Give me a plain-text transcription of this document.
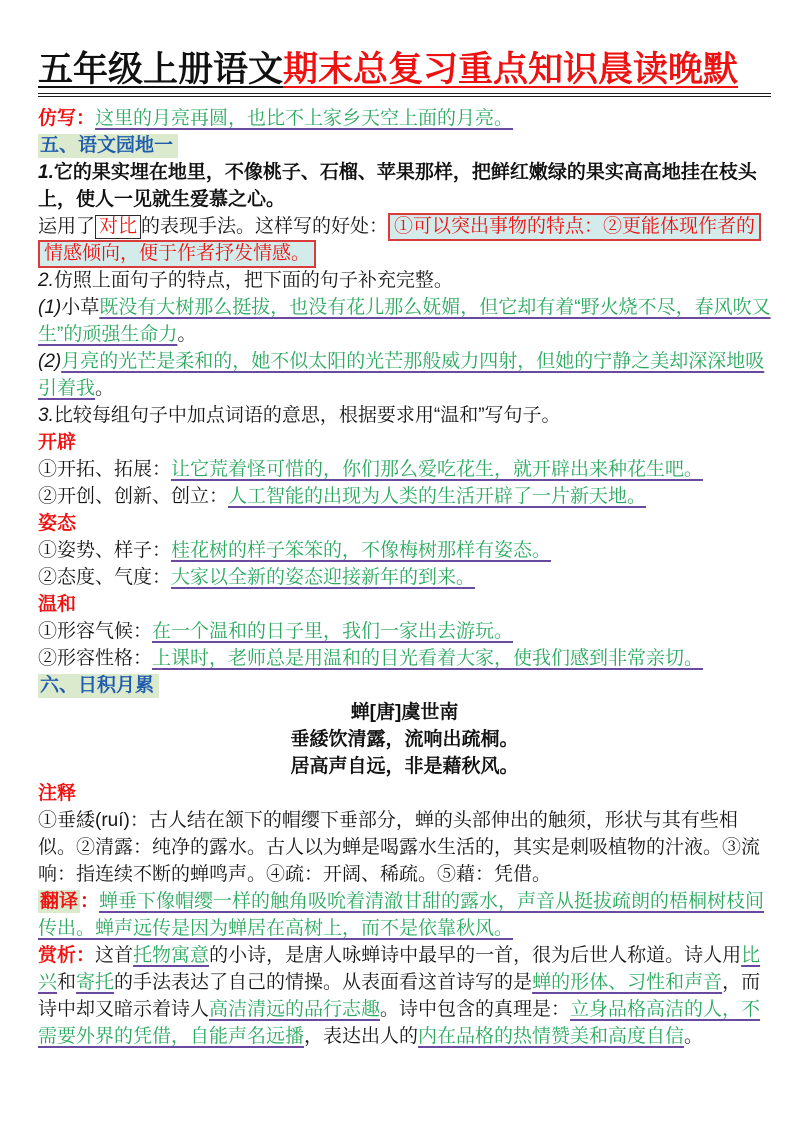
五年级上册语文期末总复习重点知识晨读晚默
仿写：这里的月亮再圆，也比不上家乡天空上面的月亮。
五、语文园地一
1.它的果实埋在地里，不像桃子、石榴、苹果那样，把鲜红嫩绿的果实高高地挂在枝头上，使人一见就生爱慕之心。
运用了 对比 的表现手法。这样写的好处： ①可以突出事物的特点：②更能体现作者的情感倾向，便于作者抒发情感。
2.仿照上面句子的特点，把下面的句子补充完整。
(1)小草既没有大树那么挺拔，也没有花儿那么妩媚，但它却有着“野火烧不尽，春风吹又生”的顽强生命力。
(2)月亮的光芒是柔和的，她不似太阳的光芒那般威力四射，但她的宁静之美却深深地吸引着我。
3.比较每组句子中加点词语的意思，根据要求用“温和”写句子。
开辟
①开拓、拓展：让它荒着怪可惜的，你们那么爱吃花生，就开辟出来种花生吧。
②开创、创新、创立：人工智能的出现为人类的生活开辟了一片新天地。
姿态
①姿势、样子：桂花树的样子笨笨的，不像梅树那样有姿态。
②态度、气度：大家以全新的姿态迎接新年的到来。
温和
①形容气候：在一个温和的日子里，我们一家出去游玩。
②形容性格：上课时，老师总是用温和的目光看着大家，使我们感到非常亲切。
六、日积月累
蝉[唐]虞世南
垂緌饮清露，流响出疏桐。
居高声自远，非是藉秋风。
注释
①垂緌(ruí)：古人结在颔下的帽缨下垂部分，蝉的头部伸出的触须，形状与其有些相似。②清露：纯净的露水。古人以为蝉是喝露水生活的，其实是刺吸植物的汁液。③流响：指连续不断的蝉鸣声。④疏：开阔、稀疏。⑤藉：凭借。
翻译 ：蝉垂下像帽缨一样的触角吸吮着清澈甘甜的露水，声音从挺拔疏朗的梧桐树枝间传出。蝉声远传是因为蝉居在高树上，而不是依靠秋风。
赏析：这首托物寓意的小诗，是唐人咏蝉诗中最早的一首，很为后世人称道。诗人用比兴和寄托的手法表达了自己的情操。从表面看这首诗写的是蝉的形体、习性和声音，而诗中却又暗示着诗人高洁清远的品行志趣。诗中包含的真理是：立身品格高洁的人，不需要外界的凭借，自能声名远播，表达出人的内在品格的热情赞美和高度自信。
